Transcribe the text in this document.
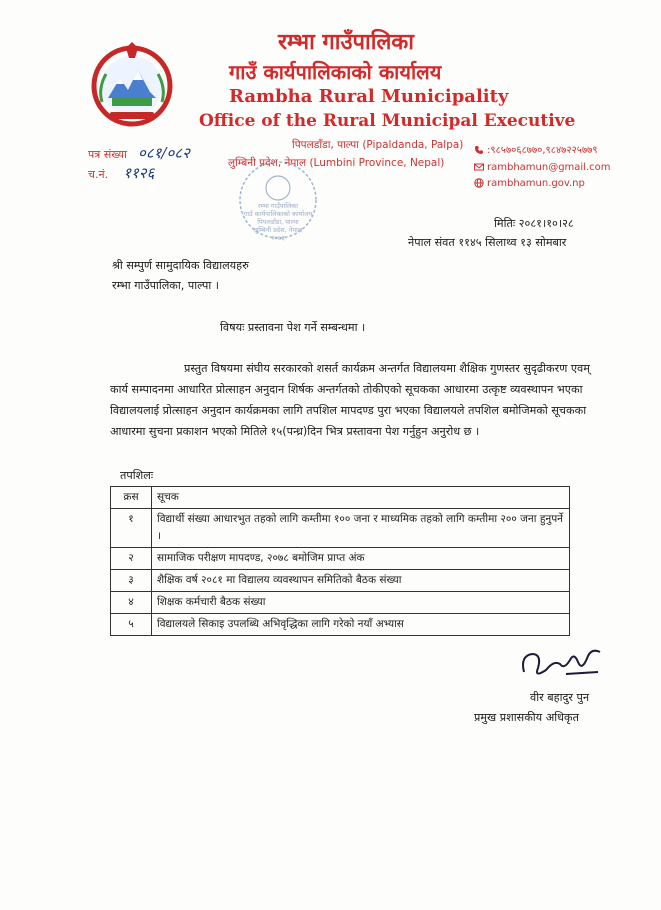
रम्भा गाउँपालिका
गाउँ कार्यपालिकाको कार्यालय
Rambha Rural Municipality
Office of the Rural Municipal Executive
पिपलडाँडा, पाल्पा (Pipaldanda, Palpa)
लुम्बिनी प्रदेश, नेपाल (Lumbini Province, Nepal)
:९८५७०६८७७०,९८४७२२५७७९
rambhamun@gmail.com
rambhamun.gov.np
पत्र संख्या ०८१/०८२
च.नं. ११२६
रम्भा गाउँपालिका
गाउँ कार्यपालिकाको कार्यालय
पिपलडाँडा, पाल्पा
लुम्बिनी प्रदेश, नेपाल
२०७३
मितिः २०८१।१०।२८
नेपाल संवत ११४५ सिलाथ्व १३ सोमबार
श्री सम्पुर्ण सामुदायिक विद्यालयहरु
रम्भा गाउँपालिका, पाल्पा ।
विषयः प्रस्तावना पेश गर्ने सम्बन्धमा ।
प्रस्तुत विषयमा संघीय सरकारको शसर्त कार्यक्रम अन्तर्गत विद्यालयमा शैक्षिक गुणस्तर सुदृढीकरण एवम् कार्य सम्पादनमा आधारित प्रोत्साहन अनुदान शिर्षक अन्तर्गतको तोकीएको सूचकका आधारमा उत्कृष्ट व्यवस्थापन भएका विद्यालयलाई प्रोत्साहन अनुदान कार्यक्रमका लागि तपशिल मापदण्ड पुरा भएका विद्यालयले तपशिल बमोजिमको सूचकका आधारमा सुचना प्रकाशन भएको मितिले १५(पन्ध्र)दिन भित्र प्रस्तावना पेश गर्नुहुन अनुरोध छ ।
तपशिलः
क्रस	सूचक
१	विद्यार्थी संख्या आधारभुत तहको लागि कम्तीमा १०० जना र माध्यमिक तहको लागि कम्तीमा २०० जना हुनुपर्ने ।
२	सामाजिक परीक्षण मापदण्ड, २०७८ बमोजिम प्राप्त अंक
३	शैक्षिक वर्ष २०८१ मा विद्यालय व्यवस्थापन समितिको बैठक संख्या
४	शिक्षक कर्मचारी बैठक संख्या
५	विद्यालयले सिकाइ उपलब्धि अभिवृद्धिका लागि गरेको नयाँ अभ्यास
वीर बहादुर पुन
प्रमुख प्रशासकीय अधिकृत
